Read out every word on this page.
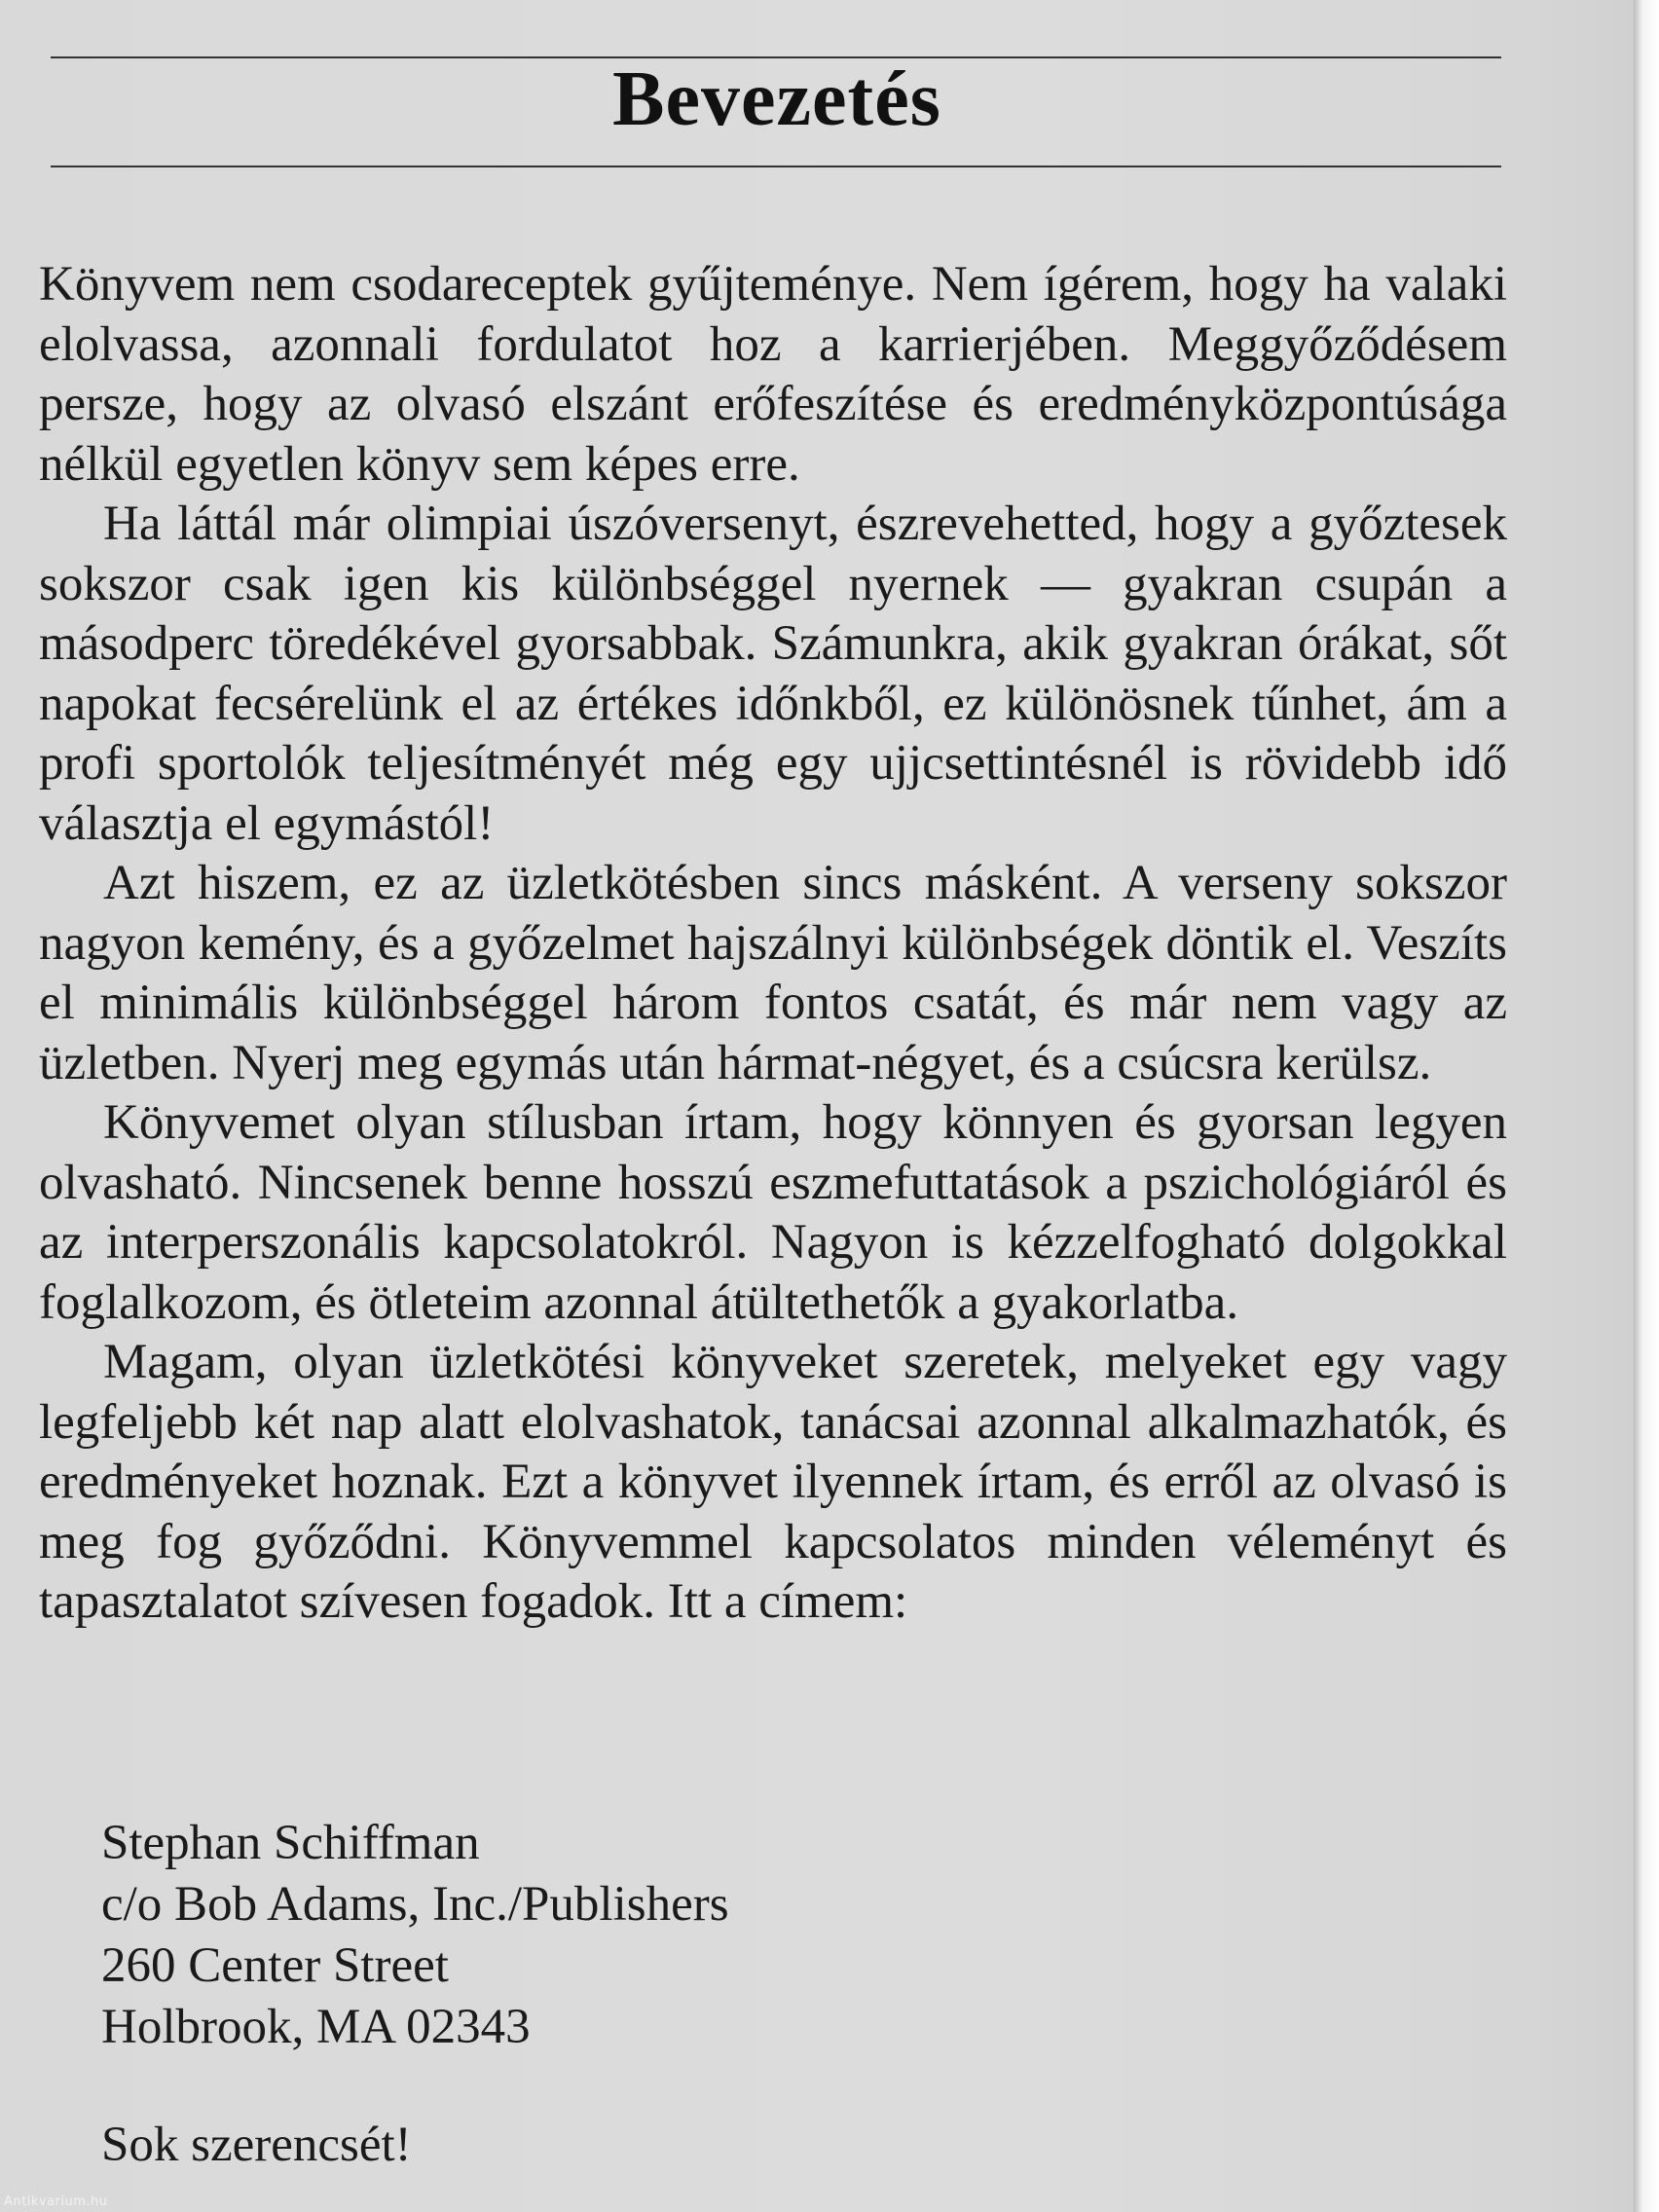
Bevezetés

Könyvem nem csodareceptek gyűjteménye. Nem ígérem, hogy ha valaki elolvassa, azonnali fordulatot hoz a karrierjében. Meggyőződésem persze, hogy az olvasó elszánt erőfeszítése és eredményközpontúsága nélkül egyetlen könyv sem képes erre.

Ha láttál már olimpiai úszóversenyt, észrevehetted, hogy a győztesek sokszor csak igen kis különbséggel nyernek — gyakran csupán a másodperc töredékével gyorsabbak. Számunkra, akik gyakran órákat, sőt napokat fecsérelünk el az értékes időnkből, ez különösnek tűnhet, ám a profi sportolók teljesítményét még egy ujjcsettintésnél is rövidebb idő választja el egymástól!

Azt hiszem, ez az üzletkötésben sincs másként. A verseny sokszor nagyon kemény, és a győzelmet hajszálnyi különbségek döntik el. Veszíts el minimális különbséggel három fontos csatát, és már nem vagy az üzletben. Nyerj meg egymás után hármat-négyet, és a csúcsra kerülsz.

Könyvemet olyan stílusban írtam, hogy könnyen és gyorsan legyen olvasható. Nincsenek benne hosszú eszmefuttatások a pszichológiáról és az interperszonális kapcsolatokról. Nagyon is kézzelfogható dolgokkal foglalkozom, és ötleteim azonnal átültethetők a gyakorlatba.

Magam, olyan üzletkötési könyveket szeretek, melyeket egy vagy legfeljebb két nap alatt elolvashatok, tanácsai azonnal alkalmazhatók, és eredményeket hoznak. Ezt a könyvet ilyennek írtam, és erről az olvasó is meg fog győződni. Könyvemmel kapcsolatos minden véleményt és tapasztalatot szívesen fogadok. Itt a címem:

Stephan Schiffman
c/o Bob Adams, Inc./Publishers
260 Center Street
Holbrook, MA 02343
Sok szerencsét!
Antikvarium.hu
